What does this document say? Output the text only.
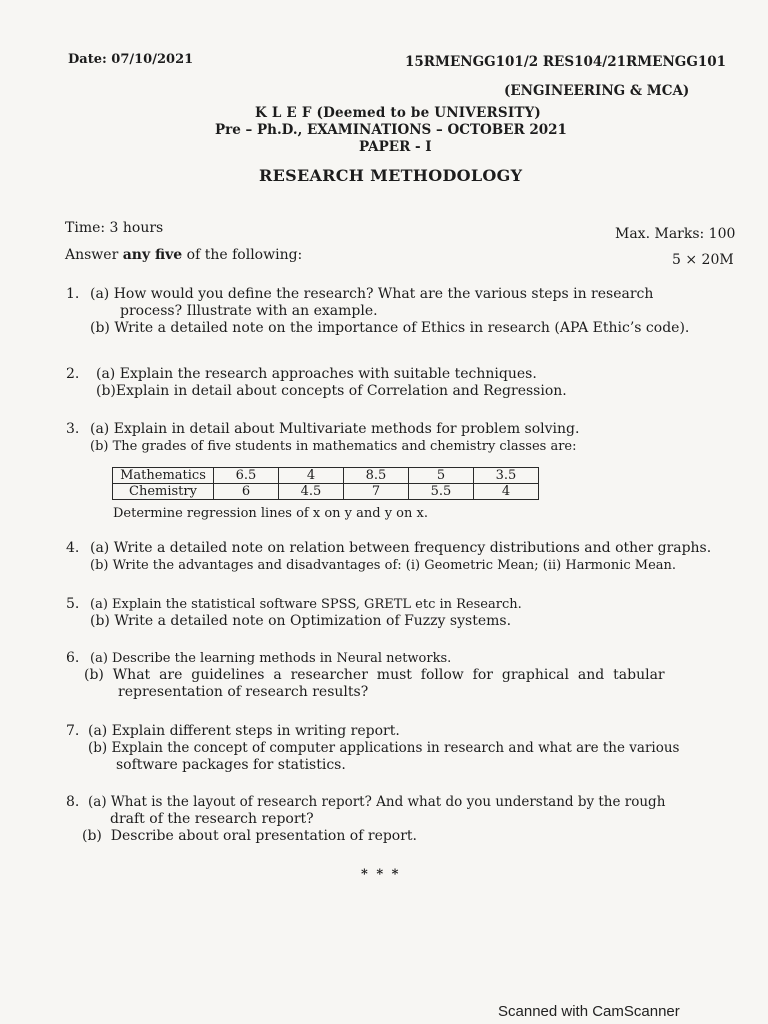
Date: 07/10/2021	15RMENGG101/2 RES104/21RMENGG101
(ENGINEERING & MCA)
K L E F (Deemed to be UNIVERSITY)
Pre – Ph.D., EXAMINATIONS – OCTOBER 2021
PAPER - I
RESEARCH METHODOLOGY
Time: 3 hours	Max. Marks: 100
Answer any five of the following:	5 × 20M
1. (a) How would you define the research? What are the various steps in research
process? Illustrate with an example.
(b) Write a detailed note on the importance of Ethics in research (APA Ethic’s code).
2. (a) Explain the research approaches with suitable techniques.
(b)Explain in detail about concepts of Correlation and Regression.
3. (a) Explain in detail about Multivariate methods for problem solving.
(b) The grades of five students in mathematics and chemistry classes are:
Mathematics	6.5	4	8.5	5	3.5
Chemistry	6	4.5	7	5.5	4
Determine regression lines of x on y and y on x.
4. (a) Write a detailed note on relation between frequency distributions and other graphs.
(b) Write the advantages and disadvantages of: (i) Geometric Mean; (ii) Harmonic Mean.
5. (a) Explain the statistical software SPSS, GRETL etc in Research.
(b) Write a detailed note on Optimization of Fuzzy systems.
6. (a) Describe the learning methods in Neural networks.
(b)  What  are  guidelines  a  researcher  must  follow  for  graphical  and  tabular
representation of research results?
7. (a) Explain different steps in writing report.
(b) Explain the concept of computer applications in research and what are the various
software packages for statistics.
8. (a) What is the layout of research report? And what do you understand by the rough
draft of the research report?
(b)  Describe about oral presentation of report.
* * *
Scanned with CamScanner
